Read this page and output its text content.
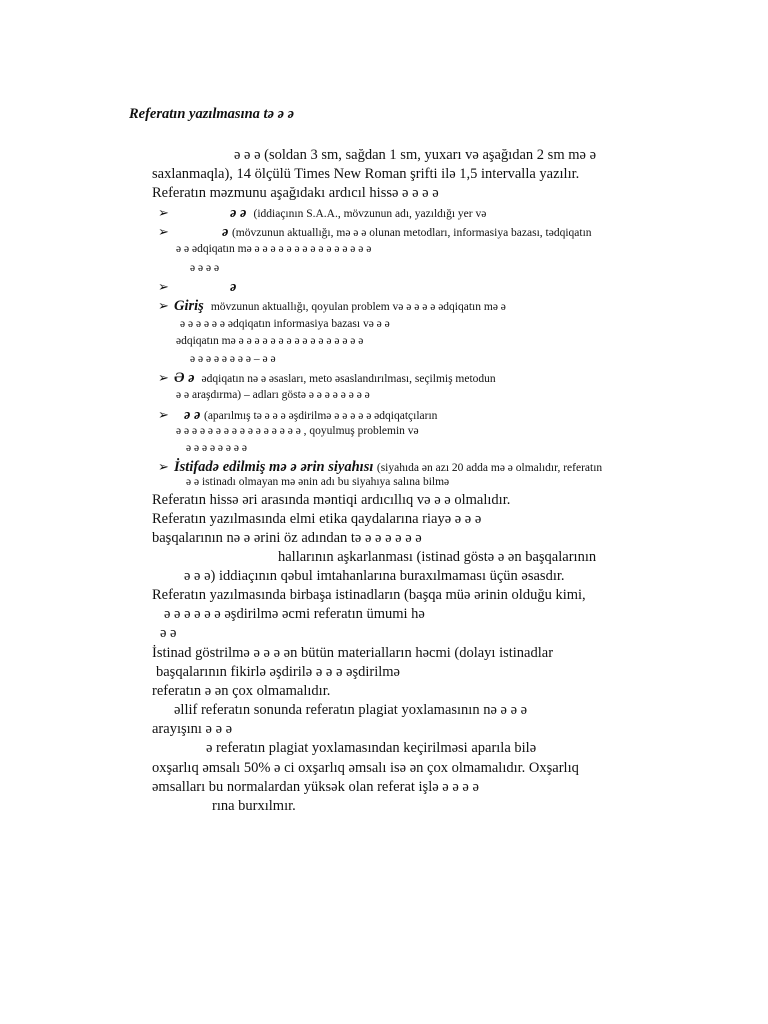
Referatın yazılmasına tə ə ə
ə ə ə (soldan 3 sm, sağdan 1 sm, yuxarı və aşağıdan 2 sm mə ə
saxlanmaqla), 14 ölçülü Times New Roman şrifti ilə 1,5 intervalla yazılır.
Referatın məzmunu aşağıdakı ardıcıl hissə ə ə ə ə
➢	ə ə (iddiaçının S.A.A., mövzunun adı, yazıldığı yer və
➢	ə (mövzunun aktuallığı, mə ə ə olunan metodları, informasiya bazası, tədqiqatın
ə ə ədqiqatın mə ə ə ə ə ə ə ə ə ə ə ə ə ə ə ə
ə ə ə ə
➢	ə
➢ Giriş mövzunun aktuallığı, qoyulan problem və ə ə ə ə ədqiqatın mə ə
ə ə ə ə ə ə ədqiqatın informasiya bazası və ə ə
ədqiqatın mə ə ə ə ə ə ə ə ə ə ə ə ə ə ə ə ə
ə ə ə ə ə ə ə ə – ə ə
➢ Ə ə ədqiqatın nə ə əsasları, meto əsaslandırılması, seçilmiş metodun
ə ə araşdırma) – adları göstə ə ə ə ə ə ə ə ə
➢ ə ə (aparılmış tə ə ə ə əşdirilmə ə ə ə ə ə ədqiqatçıların
ə ə ə ə ə ə ə ə ə ə ə ə ə ə ə ə , qoyulmuş problemin və
ə ə ə ə ə ə ə ə
➢ İstifadə edilmiş mə ə ərin siyahısı (siyahıda ən azı 20 adda mə ə olmalıdır, referatın
ə ə istinadı olmayan mə ənin adı bu siyahıya salına bilmə
Referatın hissə əri arasında məntiqi ardıcıllıq və ə ə olmalıdır.
Referatın yazılmasında elmi etika qaydalarına riayə ə ə ə
başqalarının nə ə ərini öz adından tə ə ə ə ə ə ə
hallarının aşkarlanması (istinad göstə ə ən başqalarının
ə ə ə) iddiaçının qəbul imtahanlarına buraxılmaması üçün əsasdır.
Referatın yazılmasında birbaşa istinadların (başqa müə ərinin olduğu kimi,
ə ə ə ə ə ə əşdirilmə əcmi referatın ümumi hə
ə ə
İstinad göstrilmə ə ə ə ən bütün materialların həcmi (dolayı istinadlar
başqalarının fikirlə əşdirilə ə ə ə əşdirilmə
referatın ə ən çox olmamalıdır.
əllif referatın sonunda referatın plagiat yoxlamasının nə ə ə ə
arayışını ə ə ə
ə referatın plagiat yoxlamasından keçirilməsi aparıla bilə
oxşarlıq əmsalı 50% ə ci oxşarlıq əmsalı isə ən çox olmamalıdır. Oxşarlıq
əmsalları bu normalardan yüksək olan referat işlə ə ə ə ə
rına burxılmır.
